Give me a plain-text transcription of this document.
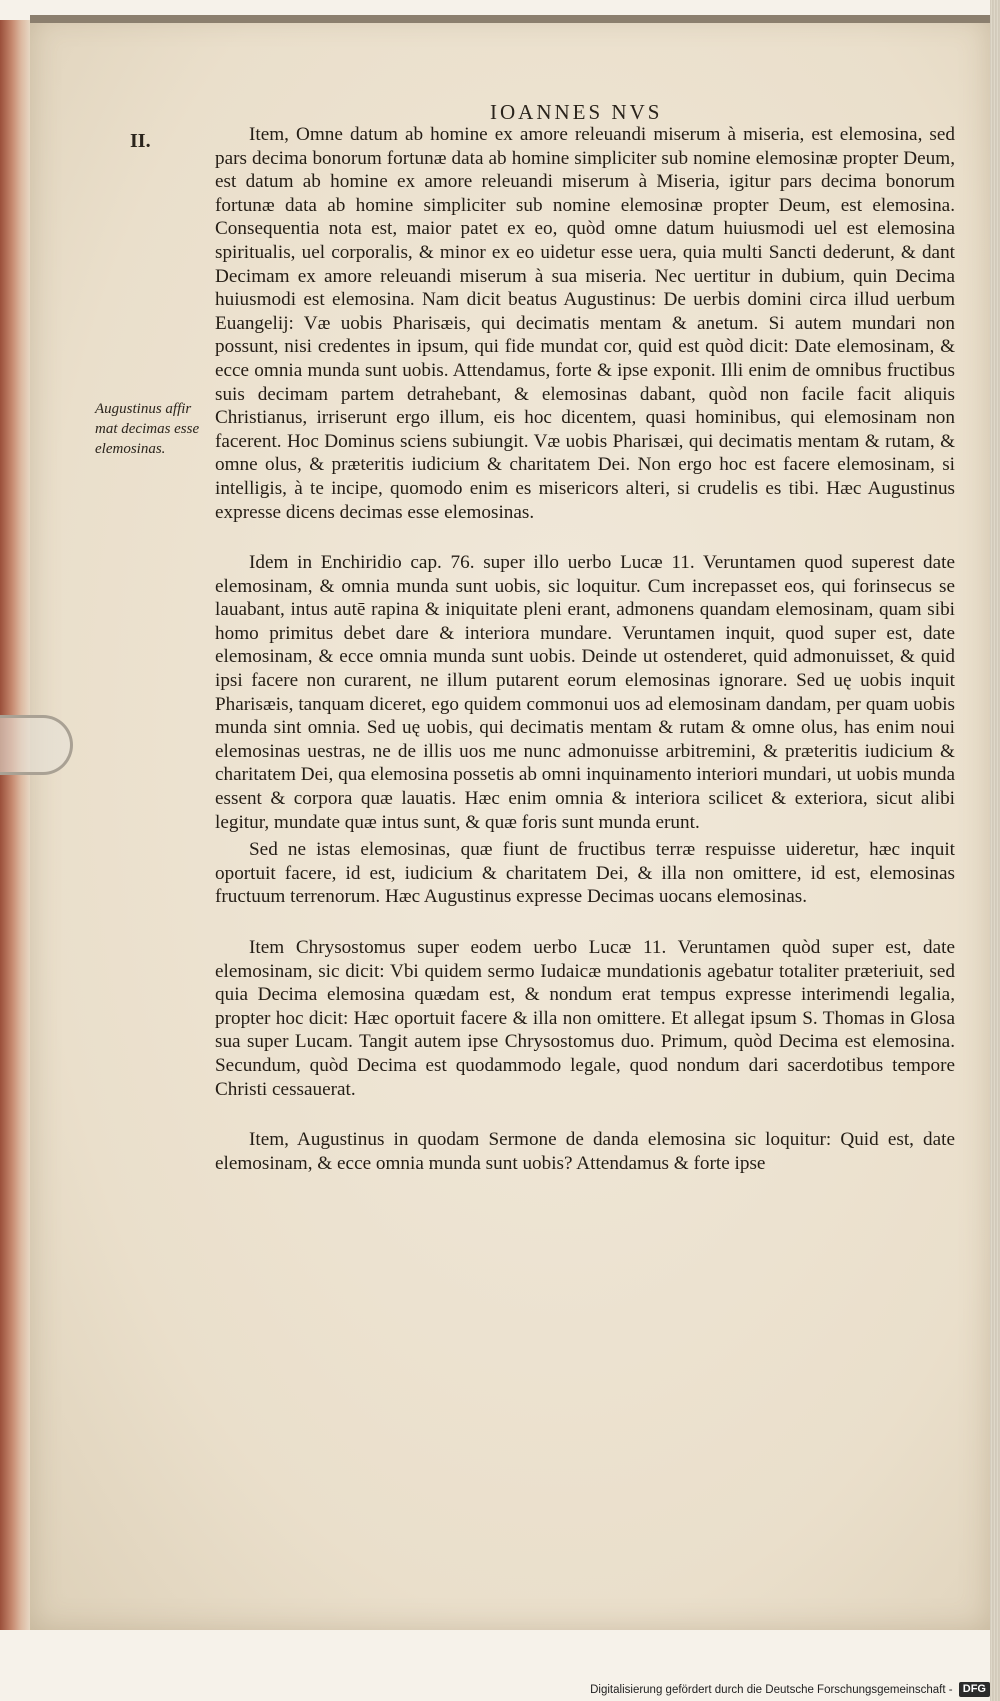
IOANNES NVS
II.
Augustinus affir mat decimas esse elemosinas.

Item, Omne datum ab homine ex amore releuandi miserum à miseria, est elemosina, sed pars decima bonorum fortunæ data ab homine simpliciter sub nomine elemosinæ propter Deum, est datum ab homine ex amore releuandi miserum à Miseria, igitur pars decima bonorum fortunæ data ab homine simpliciter sub nomine elemosinæ propter Deum, est elemosina. Consequentia nota est, maior patet ex eo, quòd omne datum huiusmodi uel est elemosina spiritualis, uel corporalis, & minor ex eo uidetur esse uera, quia multi Sancti dederunt, & dant Decimam ex amore releuandi miserum à sua miseria. Nec uertitur in dubium, quin Decima huiusmodi est elemosina. Nam dicit beatus Augustinus: De uerbis domini circa illud uerbum Euangelij: Væ uobis Pharisæis, qui decimatis mentam & anetum. Si autem mundari non possunt, nisi credentes in ipsum, qui fide mundat cor, quid est quòd dicit: Date elemosinam, & ecce omnia munda sunt uobis. Attendamus, forte & ipse exponit. Illi enim de omnibus fructibus suis decimam partem detrahebant, & elemosinas dabant, quòd non facile facit aliquis Christianus, irriserunt ergo illum, eis hoc dicentem, quasi hominibus, qui elemosinam non facerent. Hoc Dominus sciens subiungit. Væ uobis Pharisæi, qui decimatis mentam & rutam, & omne olus, & præteritis iudicium & charitatem Dei. Non ergo hoc est facere elemosinam, si intelligis, à te incipe, quomodo enim es misericors alteri, si crudelis es tibi. Hæc Augustinus expresse dicens decimas esse elemosinas.

Idem in Enchiridio cap. 76. super illo uerbo Lucæ 11. Veruntamen quod superest date elemosinam, & omnia munda sunt uobis, sic loquitur. Cum increpasset eos, qui forinsecus se lauabant, intus autē rapina & iniquitate pleni erant, admonens quandam elemosinam, quam sibi homo primitus debet dare & interiora mundare. Veruntamen inquit, quod super est, date elemosinam, & ecce omnia munda sunt uobis. Deinde ut ostenderet, quid admonuisset, & quid ipsi facere non curarent, ne illum putarent eorum elemosinas ignorare. Sed uę uobis inquit Pharisæis, tanquam diceret, ego quidem commonui uos ad elemosinam dandam, per quam uobis munda sint omnia. Sed uę uobis, qui decimatis mentam & rutam & omne olus, has enim noui elemosinas uestras, ne de illis uos me nunc admonuisse arbitremini, & præteritis iudicium & charitatem Dei, qua elemosina possetis ab omni inquinamento interiori mundari, ut uobis munda essent & corpora quæ lauatis. Hæc enim omnia & interiora scilicet & exteriora, sicut alibi legitur, mundate quæ intus sunt, & quæ foris sunt munda erunt.

Sed ne istas elemosinas, quæ fiunt de fructibus terræ respuisse uideretur, hæc inquit oportuit facere, id est, iudicium & charitatem Dei, & illa non omittere, id est, elemosinas fructuum terrenorum. Hæc Augustinus expresse Decimas uocans elemosinas.

Item Chrysostomus super eodem uerbo Lucæ 11. Veruntamen quòd super est, date elemosinam, sic dicit: Vbi quidem sermo Iudaicæ mundationis agebatur totaliter præteriuit, sed quia Decima elemosina quædam est, & nondum erat tempus expresse interimendi legalia, propter hoc dicit: Hæc oportuit facere & illa non omittere. Et allegat ipsum S. Thomas in Glosa sua super Lucam. Tangit autem ipse Chrysostomus duo. Primum, quòd Decima est elemosina. Secundum, quòd Decima est quodammodo legale, quod nondum dari sacerdotibus tempore Christi cessauerat.

Item, Augustinus in quodam Sermone de danda elemosina sic loquitur: Quid est, date elemosinam, & ecce omnia munda sunt uobis? Attendamus & forte ipse

Digitalisierung gefördert durch die Deutsche Forschungsgemeinschaft - DFG
